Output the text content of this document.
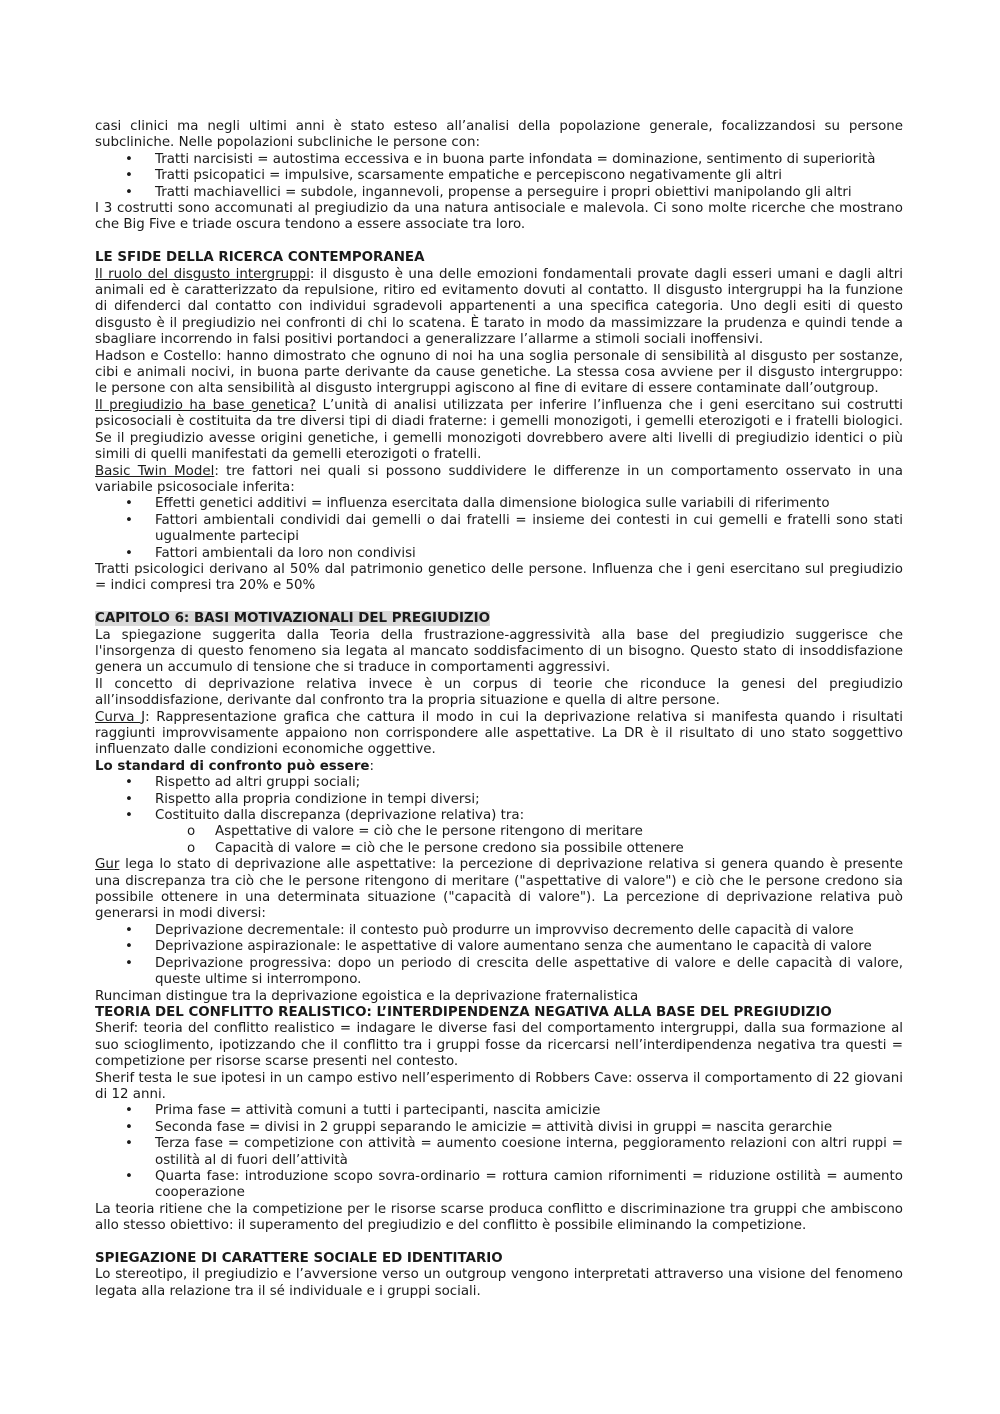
casi clinici ma negli ultimi anni è stato esteso all’analisi della popolazione generale, focalizzandosi su persone subcliniche. Nelle popolazioni subcliniche le persone con:

• Tratti narcisisti = autostima eccessiva e in buona parte infondata = dominazione, sentimento di superiorità
• Tratti psicopatici = impulsive, scarsamente empatiche e percepiscono negativamente gli altri
• Tratti machiavellici = subdole, ingannevoli, propense a perseguire i propri obiettivi manipolando gli altri

I 3 costrutti sono accomunati al pregiudizio da una natura antisociale e malevola. Ci sono molte ricerche che mostrano che Big Five e triade oscura tendono a essere associate tra loro.

LE SFIDE DELLA RICERCA CONTEMPORANEA

Il ruolo del disgusto intergruppi: il disgusto è una delle emozioni fondamentali provate dagli esseri umani e dagli altri animali ed è caratterizzato da repulsione, ritiro ed evitamento dovuti al contatto. Il disgusto intergruppi ha la funzione di difenderci dal contatto con individui sgradevoli appartenenti a una specifica categoria. Uno degli esiti di questo disgusto è il pregiudizio nei confronti di chi lo scatena. È tarato in modo da massimizzare la prudenza e quindi tende a sbagliare incorrendo in falsi positivi portandoci a generalizzare l’allarme a stimoli sociali inoffensivi.

Hadson e Costello: hanno dimostrato che ognuno di noi ha una soglia personale di sensibilità al disgusto per sostanze, cibi e animali nocivi, in buona parte derivante da cause genetiche. La stessa cosa avviene per il disgusto intergruppo: le persone con alta sensibilità al disgusto intergruppi agiscono al fine di evitare di essere contaminate dall’outgroup.

Il pregiudizio ha base genetica? L’unità di analisi utilizzata per inferire l’influenza che i geni esercitano sui costrutti psicosociali è costituita da tre diversi tipi di diadi fraterne: i gemelli monozigoti, i gemelli eterozigoti e i fratelli biologici. Se il pregiudizio avesse origini genetiche, i gemelli monozigoti dovrebbero avere alti livelli di pregiudizio identici o più simili di quelli manifestati da gemelli eterozigoti o fratelli.

Basic Twin Model: tre fattori nei quali si possono suddividere le differenze in un comportamento osservato in una variabile psicosociale inferita:

• Effetti genetici additivi = influenza esercitata dalla dimensione biologica sulle variabili di riferimento
• Fattori ambientali condividi dai gemelli o dai fratelli = insieme dei contesti in cui gemelli e fratelli sono stati ugualmente partecipi
• Fattori ambientali da loro non condivisi

Tratti psicologici derivano al 50% dal patrimonio genetico delle persone. Influenza che i geni esercitano sul pregiudizio = indici compresi tra 20% e 50%

CAPITOLO 6: BASI MOTIVAZIONALI DEL PREGIUDIZIO

La spiegazione suggerita dalla Teoria della frustrazione-aggressività alla base del pregiudizio suggerisce che l'insorgenza di questo fenomeno sia legata al mancato soddisfacimento di un bisogno. Questo stato di insoddisfazione genera un accumulo di tensione che si traduce in comportamenti aggressivi.

Il concetto di deprivazione relativa invece è un corpus di teorie che riconduce la genesi del pregiudizio all’insoddisfazione, derivante dal confronto tra la propria situazione e quella di altre persone.

Curva J: Rappresentazione grafica che cattura il modo in cui la deprivazione relativa si manifesta quando i risultati raggiunti improvvisamente appaiono non corrispondere alle aspettative. La DR è il risultato di uno stato soggettivo influenzato dalle condizioni economiche oggettive.

Lo standard di confronto può essere:

• Rispetto ad altri gruppi sociali;
• Rispetto alla propria condizione in tempi diversi;
• Costituito dalla discrepanza (deprivazione relativa) tra:
o Aspettative di valore = ciò che le persone ritengono di meritare
o Capacità di valore = ciò che le persone credono sia possibile ottenere

Gur lega lo stato di deprivazione alle aspettative: la percezione di deprivazione relativa si genera quando è presente una discrepanza tra ciò che le persone ritengono di meritare ("aspettative di valore") e ciò che le persone credono sia possibile ottenere in una determinata situazione ("capacità di valore"). La percezione di deprivazione relativa può generarsi in modi diversi:

• Deprivazione decrementale: il contesto può produrre un improvviso decremento delle capacità di valore
• Deprivazione aspirazionale: le aspettative di valore aumentano senza che aumentano le capacità di valore
• Deprivazione progressiva: dopo un periodo di crescita delle aspettative di valore e delle capacità di valore, queste ultime si interrompono.

Runciman distingue tra la deprivazione egoistica e la deprivazione fraternalistica

TEORIA DEL CONFLITTO REALISTICO: L’INTERDIPENDENZA NEGATIVA ALLA BASE DEL PREGIUDIZIO

Sherif: teoria del conflitto realistico = indagare le diverse fasi del comportamento intergruppi, dalla sua formazione al suo scioglimento, ipotizzando che il conflitto tra i gruppi fosse da ricercarsi nell’interdipendenza negativa tra questi = competizione per risorse scarse presenti nel contesto.

Sherif testa le sue ipotesi in un campo estivo nell’esperimento di Robbers Cave: osserva il comportamento di 22 giovani di 12 anni.

• Prima fase = attività comuni a tutti i partecipanti, nascita amicizie
• Seconda fase = divisi in 2 gruppi separando le amicizie = attività divisi in gruppi = nascita gerarchie
• Terza fase = competizione con attività = aumento coesione interna, peggioramento relazioni con altri ruppi = ostilità al di fuori dell’attività
• Quarta fase: introduzione scopo sovra-ordinario = rottura camion rifornimenti = riduzione ostilità = aumento cooperazione

La teoria ritiene che la competizione per le risorse scarse produca conflitto e discriminazione tra gruppi che ambiscono allo stesso obiettivo: il superamento del pregiudizio e del conflitto è possibile eliminando la competizione.

SPIEGAZIONE DI CARATTERE SOCIALE ED IDENTITARIO

Lo stereotipo, il pregiudizio e l’avversione verso un outgroup vengono interpretati attraverso una visione del fenomeno legata alla relazione tra il sé individuale e i gruppi sociali.
